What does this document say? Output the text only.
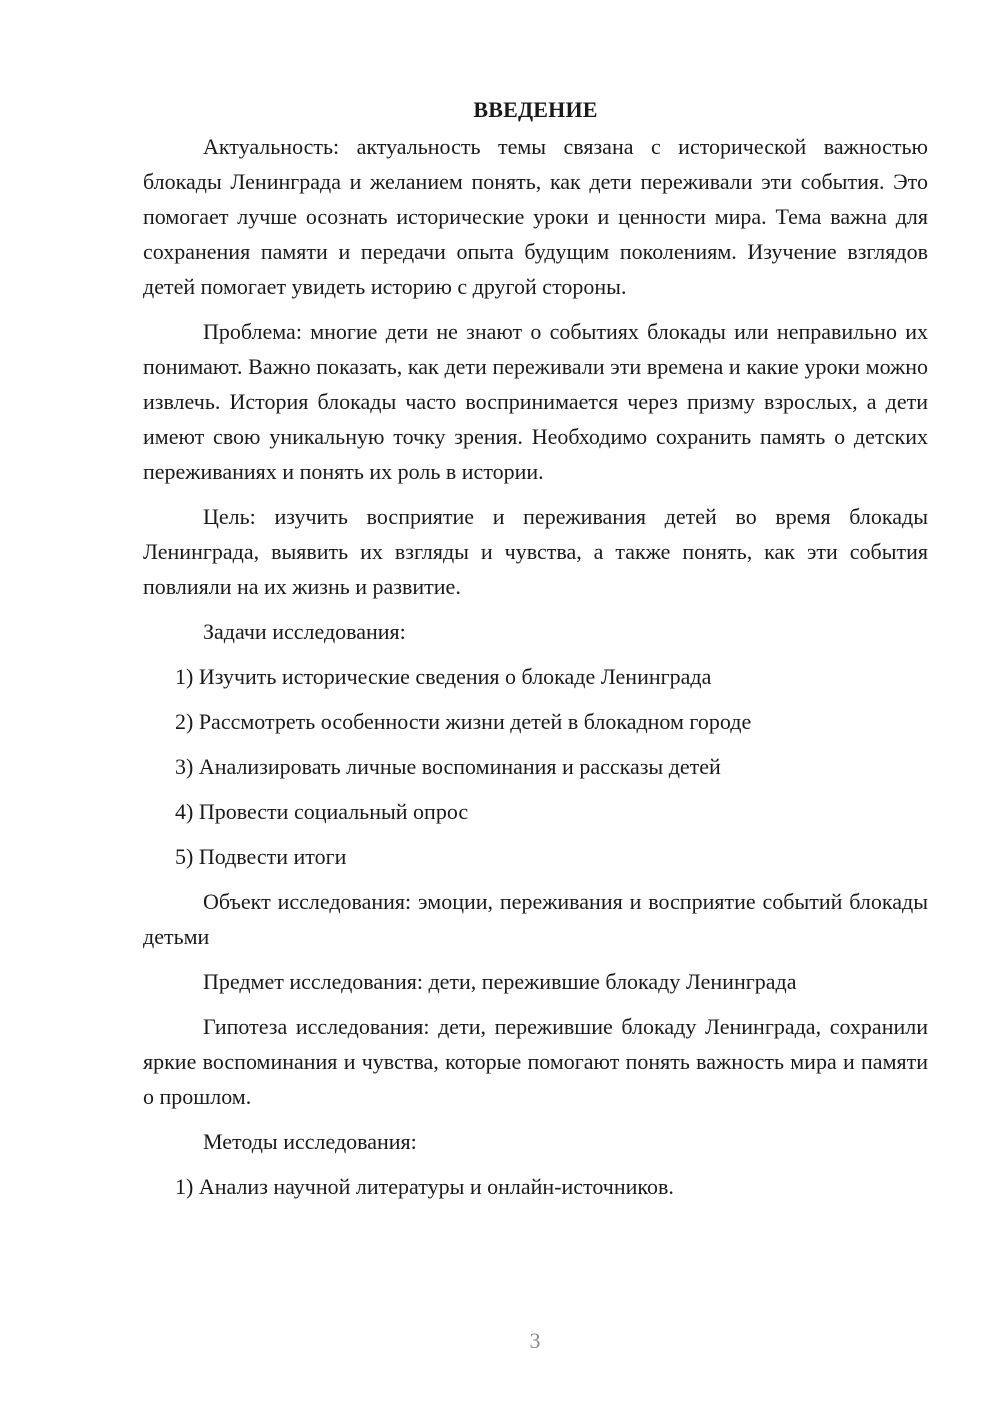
ВВЕДЕНИЕ

Актуальность: актуальность темы связана с исторической важностью блокады Ленинграда и желанием понять, как дети переживали эти события. Это помогает лучше осознать исторические уроки и ценности мира. Тема важна для сохранения памяти и передачи опыта будущим поколениям. Изучение взглядов детей помогает увидеть историю с другой стороны.

Проблема: многие дети не знают о событиях блокады или неправильно их понимают. Важно показать, как дети переживали эти времена и какие уроки можно извлечь. История блокады часто воспринимается через призму взрослых, а дети имеют свою уникальную точку зрения. Необходимо сохранить память о детских переживаниях и понять их роль в истории.

Цель: изучить восприятие и переживания детей во время блокады Ленинграда, выявить их взгляды и чувства, а также понять, как эти события повлияли на их жизнь и развитие.

Задачи исследования:

1) Изучить исторические сведения о блокаде Ленинграда
2) Рассмотреть особенности жизни детей в блокадном городе
3) Анализировать личные воспоминания и рассказы детей
4) Провести социальный опрос
5) Подвести итоги

Объект исследования: эмоции, переживания и восприятие событий блокады детьми

Предмет исследования: дети, пережившие блокаду Ленинграда

Гипотеза исследования: дети, пережившие блокаду Ленинграда, сохранили яркие воспоминания и чувства, которые помогают понять важность мира и памяти о прошлом.

Методы исследования:

1) Анализ научной литературы и онлайн-источников.
3
